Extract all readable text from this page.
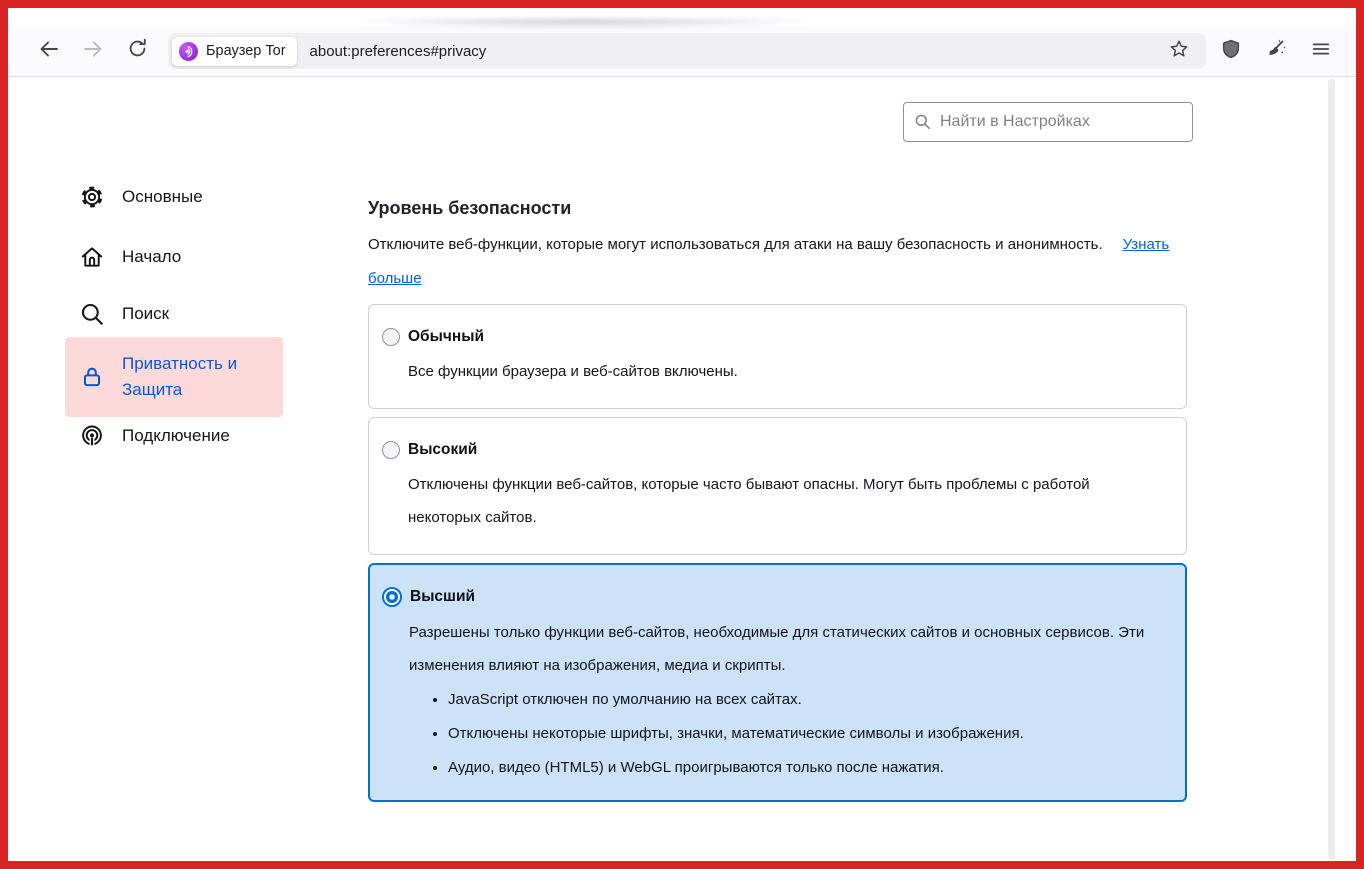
Браузер Tor about:preferences#privacy
Найти в Настройках
Основные
Начало
Поиск
Приватность и Защита
Подключение
Уровень безопасности

Отключите веб-функции, которые могут использоваться для атаки на вашу безопасность и анонимность. Узнать больше

Обычный
Все функции браузера и веб-сайтов включены.
Высокий
Отключены функции веб-сайтов, которые часто бывают опасны. Могут быть проблемы с работой некоторых сайтов.
Высший
Разрешены только функции веб-сайтов, необходимые для статических сайтов и основных сервисов. Эти изменения влияют на изображения, медиа и скрипты.
• JavaScript отключен по умолчанию на всех сайтах.
• Отключены некоторые шрифты, значки, математические символы и изображения.
• Аудио, видео (HTML5) и WebGL проигрываются только после нажатия.
